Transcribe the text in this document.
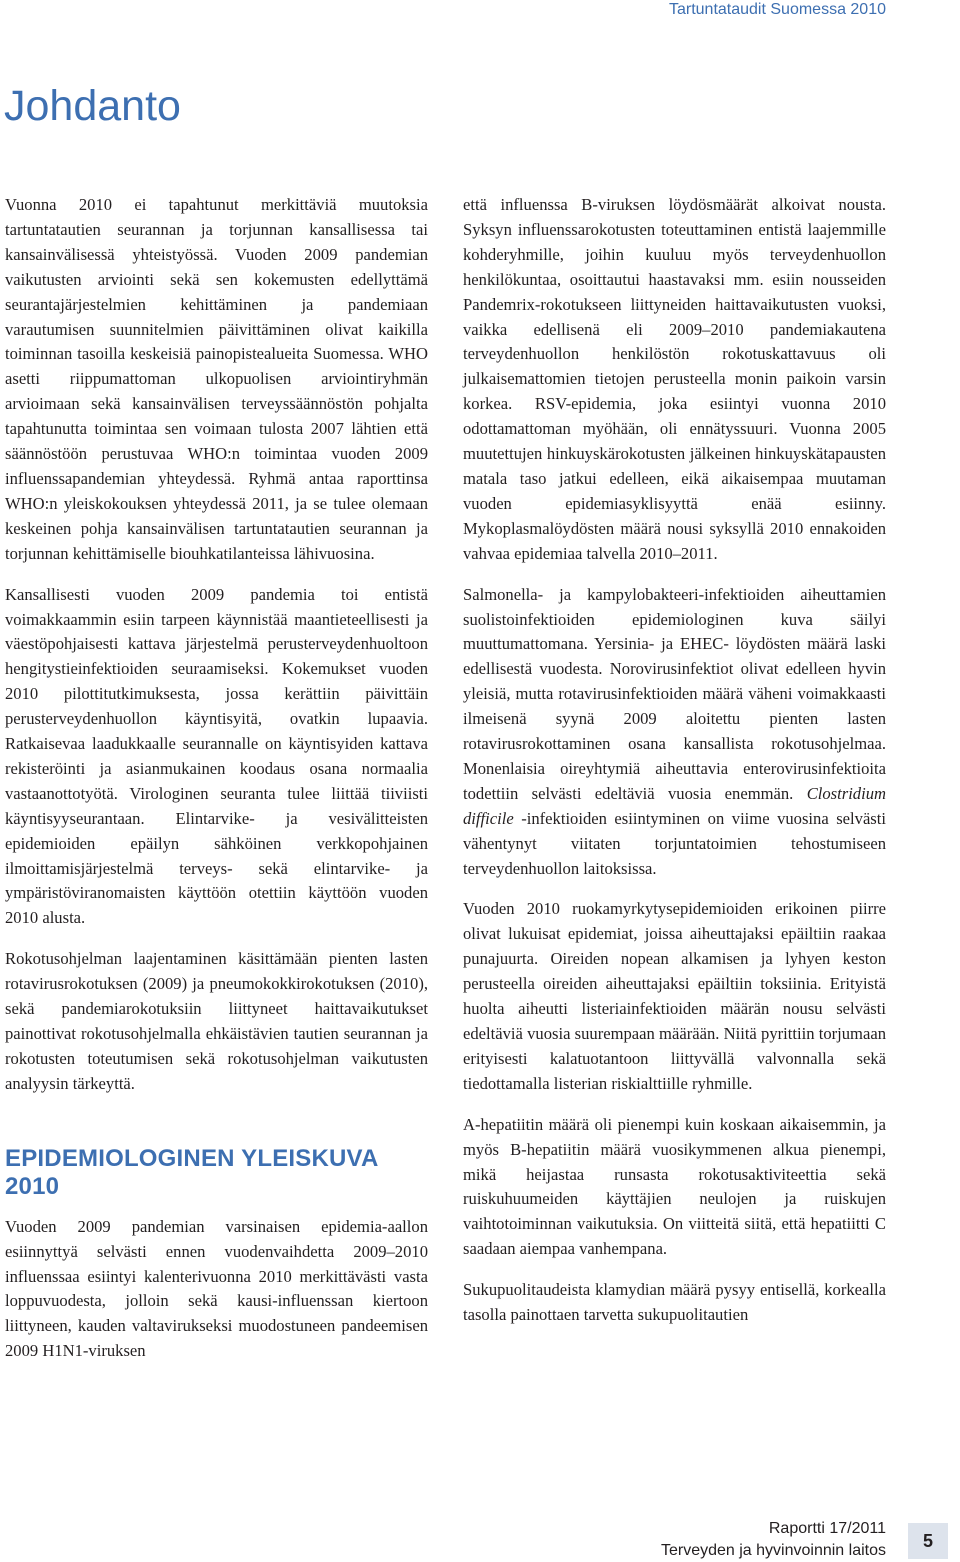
Tartuntataudit Suomessa 2010
Johdanto

Vuonna 2010 ei tapahtunut merkittäviä muutoksia tartuntatautien seurannan ja torjunnan kansallisessa tai kansainvälisessä yhteistyössä. Vuoden 2009 pandemian vaikutusten arviointi sekä sen kokemusten edellyttämä seurantajärjestelmien kehittäminen ja pandemiaan varautumisen suunnitelmien päivittäminen olivat kaikilla toiminnan tasoilla keskeisiä painopistealueita Suomessa. WHO asetti riippumattoman ulkopuolisen arviointiryhmän arvioimaan sekä kansainvälisen terveyssäännöstön pohjalta tapahtunutta toimintaa sen voimaan tulosta 2007 lähtien että säännöstöön perustuvaa WHO:n toimintaa vuoden 2009 influenssapandemian yhteydessä. Ryhmä antaa raporttinsa WHO:n yleiskokouksen yhteydessä 2011, ja se tulee olemaan keskeinen pohja kansainvälisen tartuntatautien seurannan ja torjunnan kehittämiselle biouhkatilanteissa lähivuosina.

Kansallisesti vuoden 2009 pandemia toi entistä voimakkaammin esiin tarpeen käynnistää maantieteellisesti ja väestöpohjaisesti kattava järjestelmä perusterveydenhuoltoon hengitystieinfektioiden seuraamiseksi. Kokemukset vuoden 2010 pilottitutkimuksesta, jossa kerättiin päivittäin perusterveydenhuollon käyntisyitä, ovatkin lupaavia. Ratkaisevaa laadukkaalle seurannalle on käyntisyiden kattava rekisteröinti ja asianmukainen koodaus osana normaalia vastaanottotyötä. Virologinen seuranta tulee liittää tiiviisti käyntisyyseurantaan. Elintarvike- ja vesivälitteisten epidemioiden epäilyn sähköinen verkkopohjainen ilmoittamisjärjestelmä terveys- sekä elintarvike- ja ympäristöviranomaisten käyttöön otettiin käyttöön vuoden 2010 alusta.

Rokotusohjelman laajentaminen käsittämään pienten lasten rotavirusrokotuksen (2009) ja pneumokokkirokotuksen (2010), sekä pandemiarokotuksiin liittyneet haittavaikutukset painottivat rokotusohjelmalla ehkäistävien tautien seurannan ja rokotusten toteutumisen sekä rokotusohjelman vaikutusten analyysin tärkeyttä.

EPIDEMIOLOGINEN YLEISKUVA 2010

Vuoden 2009 pandemian varsinaisen epidemia-aallon esiinnyttyä selvästi ennen vuodenvaihdetta 2009–2010 influenssaa esiintyi kalenterivuonna 2010 merkittävästi vasta loppuvuodesta, jolloin sekä kausi-influenssan kiertoon liittyneen, kauden valtavirukseksi muodostuneen pandeemisen 2009 H1N1-viruksen

että influenssa B-viruksen löydösmäärät alkoivat nousta. Syksyn influenssarokotusten toteuttaminen entistä laajemmille kohderyhmille, joihin kuuluu myös terveydenhuollon henkilökuntaa, osoittautui haastavaksi mm. esiin nousseiden Pandemrix-rokotukseen liittyneiden haittavaikutusten vuoksi, vaikka edellisenä eli 2009–2010 pandemiakautena terveydenhuollon henkilöstön rokotuskattavuus oli julkaisemattomien tietojen perusteella monin paikoin varsin korkea. RSV-epidemia, joka esiintyi vuonna 2010 odottamattoman myöhään, oli ennätyssuuri. Vuonna 2005 muutettujen hinkuyskärokotusten jälkeinen hinkuyskätapausten matala taso jatkui edelleen, eikä aikaisempaa muutaman vuoden epidemiasyklisyyttä enää esiinny. Mykoplasmalöydösten määrä nousi syksyllä 2010 ennakoiden vahvaa epidemiaa talvella 2010–2011.

Salmonella- ja kampylobakteeri-infektioiden aiheuttamien suolistoinfektioiden epidemiologinen kuva säilyi muuttumattomana. Yersinia- ja EHEC- löydösten määrä laski edellisestä vuodesta. Norovirusinfektiot olivat edelleen hyvin yleisiä, mutta rotavirusinfektioiden määrä väheni voimakkaasti ilmeisenä syynä 2009 aloitettu pienten lasten rotavirusrokottaminen osana kansallista rokotusohjelmaa. Monenlaisia oireyhtymiä aiheuttavia enterovirusinfektioita todettiin selvästi edeltäviä vuosia enemmän. Clostridium difficile -infektioiden esiintyminen on viime vuosina selvästi vähentynyt viitaten torjuntatoimien tehostumiseen terveydenhuollon laitoksissa.

Vuoden 2010 ruokamyrkytysepidemioiden erikoinen piirre olivat lukuisat epidemiat, joissa aiheuttajaksi epäiltiin raakaa punajuurta. Oireiden nopean alkamisen ja lyhyen keston perusteella oireiden aiheuttajaksi epäiltiin toksiinia. Erityistä huolta aiheutti listeriainfektioiden määrän nousu selvästi edeltäviä vuosia suurempaan määrään. Niitä pyrittiin torjumaan erityisesti kalatuotantoon liittyvällä valvonnalla sekä tiedottamalla listerian riskialttiille ryhmille.

A-hepatiitin määrä oli pienempi kuin koskaan aikaisemmin, ja myös B-hepatiitin määrä vuosikymmenen alkua pienempi, mikä heijastaa runsasta rokotusaktiviteettia sekä ruiskuhuumeiden käyttäjien neulojen ja ruiskujen vaihtotoiminnan vaikutuksia. On viitteitä siitä, että hepatiitti C saadaan aiempaa vanhempana.

Sukupuolitaudeista klamydian määrä pysyy entisellä, korkealla tasolla painottaen tarvetta sukupuolitautien

Raportti 17/2011
Terveyden ja hyvinvoinnin laitos	5
